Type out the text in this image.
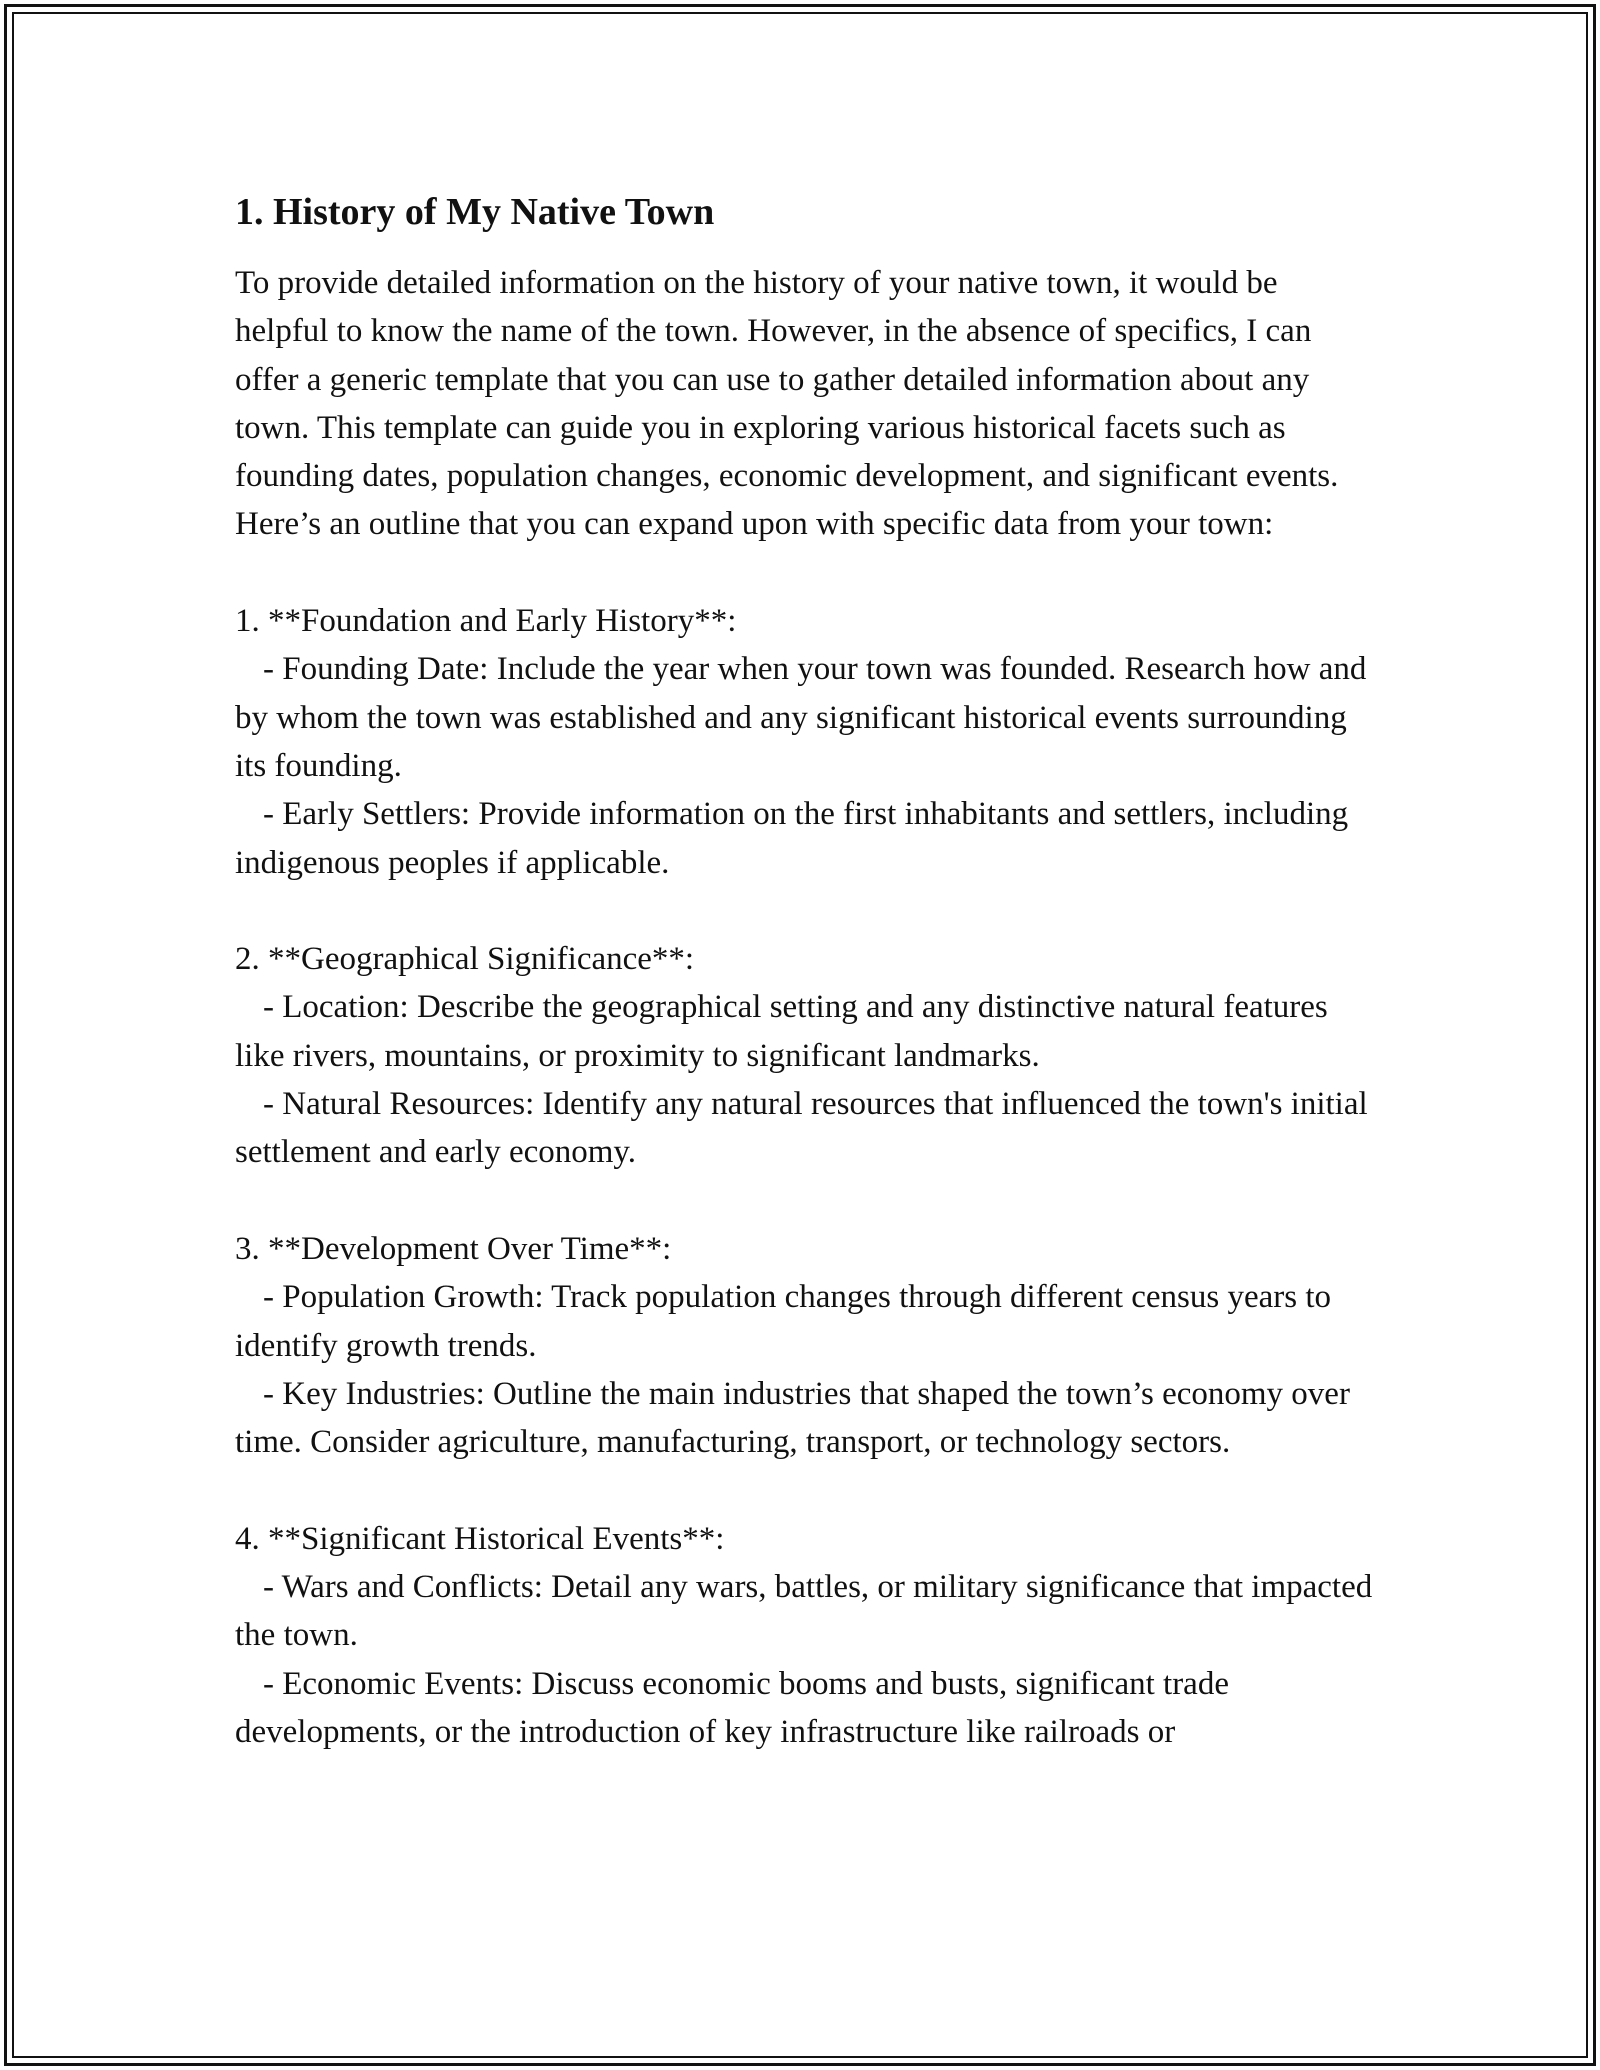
1. History of My Native Town

To provide detailed information on the history of your native town, it would be helpful to know the name of the town. However, in the absence of specifics, I can offer a generic template that you can use to gather detailed information about any town. This template can guide you in exploring various historical facets such as founding dates, population changes, economic development, and significant events. Here’s an outline that you can expand upon with specific data from your town:

1. **Foundation and Early History**:

- Founding Date: Include the year when your town was founded. Research how and by whom the town was established and any significant historical events surrounding its founding.

- Early Settlers: Provide information on the first inhabitants and settlers, including indigenous peoples if applicable.

2. **Geographical Significance**:

- Location: Describe the geographical setting and any distinctive natural features like rivers, mountains, or proximity to significant landmarks.

- Natural Resources: Identify any natural resources that influenced the town's initial settlement and early economy.

3. **Development Over Time**:

- Population Growth: Track population changes through different census years to identify growth trends.

- Key Industries: Outline the main industries that shaped the town’s economy over time. Consider agriculture, manufacturing, transport, or technology sectors.

4. **Significant Historical Events**:

- Wars and Conflicts: Detail any wars, battles, or military significance that impacted the town.

- Economic Events: Discuss economic booms and busts, significant trade developments, or the introduction of key infrastructure like railroads or
